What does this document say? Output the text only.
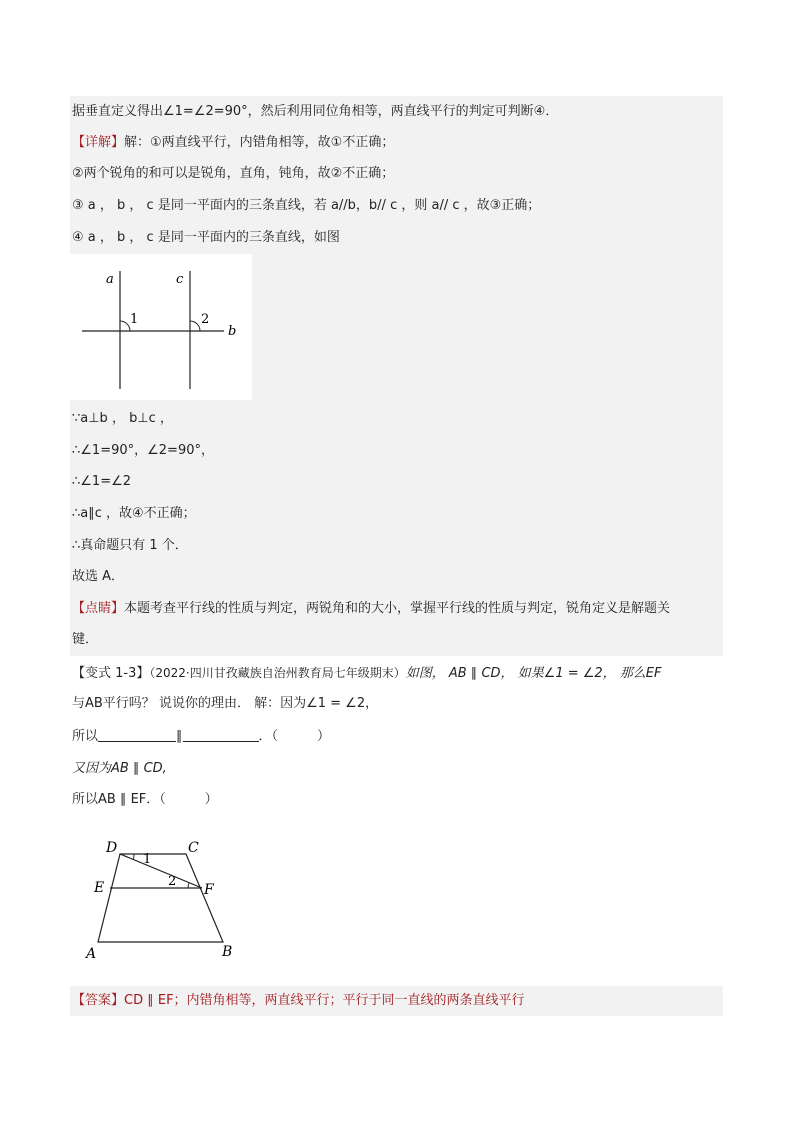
据垂直定义得出∠1=∠2=90°，然后利用同位角相等，两直线平行的判定可判断④．
【详解】解：①两直线平行，内错角相等，故①不正确；
②两个锐角的和可以是锐角，直角，钝角，故②不正确；
③ a ， b ， c 是同一平面内的三条直线，若 a//b，b// c ，则 a// c ，故③正确；
④ a ， b ， c 是同一平面内的三条直线，如图
a	c
b
1	2
∵a⊥b ， b⊥c ，
∴∠1=90°，∠2=90°，
∴∠1=∠2
∴a∥c ，故④不正确；
∴真命题只有 1 个．
故选 A．
【点睛】本题考查平行线的性质与判定，两锐角和的大小，掌握平行线的性质与判定，锐角定义是解题关
键．
【变式 1-3】（2022·四川甘孜藏族自治州教育局七年级期末）如图， AB ∥ CD， 如果∠1 = ∠2， 那么EF
与AB平行吗？ 说说你的理由． 解：因为∠1 = ∠2，
所以	∥	．（　　　）
又因为AB ∥ CD,
所以AB ∥ EF．（　　　）
D	C
E	F
A	B
1
2
【答案】CD ∥ EF；内错角相等，两直线平行；平行于同一直线的两条直线平行
